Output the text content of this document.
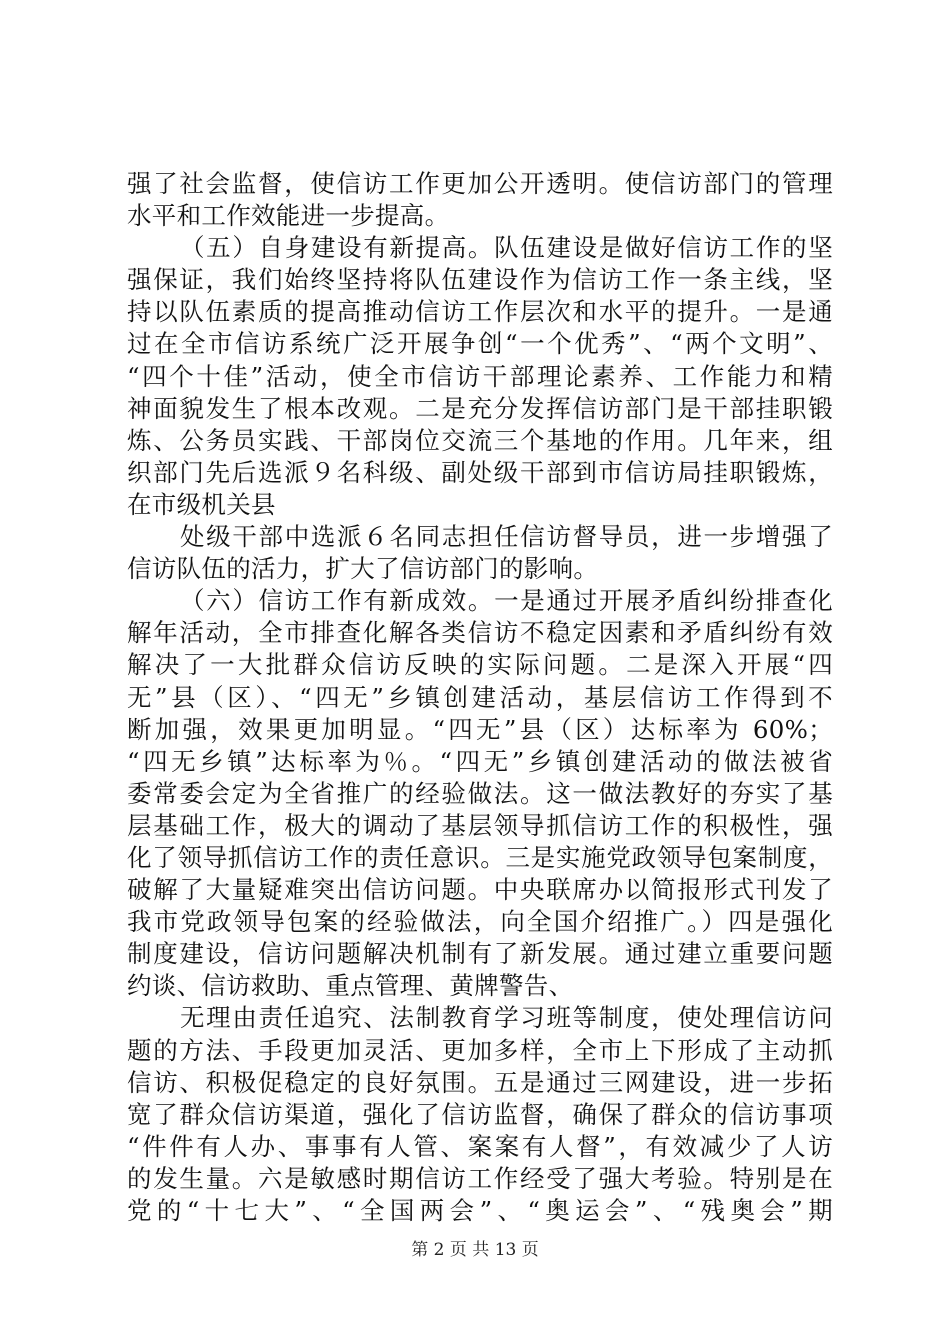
强了社会监督，使信访工作更加公开透明。使信访部门的管理
水平和工作效能进一步提高。
（五）自身建设有新提高。队伍建设是做好信访工作的坚
强保证，我们始终坚持将队伍建设作为信访工作一条主线，坚
持以队伍素质的提高推动信访工作层次和水平的提升。一是通
过在全市信访系统广泛开展争创“一个优秀”、“两个文明”、
“四个十佳”活动，使全市信访干部理论素养、工作能力和精
神面貌发生了根本改观。二是充分发挥信访部门是干部挂职锻
炼、公务员实践、干部岗位交流三个基地的作用。几年来，组
织部门先后选派９名科级、副处级干部到市信访局挂职锻炼，
在市级机关县
处级干部中选派６名同志担任信访督导员，进一步增强了
信访队伍的活力，扩大了信访部门的影响。
（六）信访工作有新成效。一是通过开展矛盾纠纷排查化
解年活动，全市排查化解各类信访不稳定因素和矛盾纠纷有效
解决了一大批群众信访反映的实际问题。二是深入开展“四
无”县（区）、“四无”乡镇创建活动，基层信访工作得到不
断加强，效果更加明显。“四无”县（区）达标率为 60%；
“四无乡镇”达标率为％。“四无”乡镇创建活动的做法被省
委常委会定为全省推广的经验做法。这一做法教好的夯实了基
层基础工作，极大的调动了基层领导抓信访工作的积极性，强
化了领导抓信访工作的责任意识。三是实施党政领导包案制度，
破解了大量疑难突出信访问题。中央联席办以简报形式刊发了
我市党政领导包案的经验做法，向全国介绍推广。）四是强化
制度建设，信访问题解决机制有了新发展。通过建立重要问题
约谈、信访救助、重点管理、黄牌警告、
无理由责任追究、法制教育学习班等制度，使处理信访问
题的方法、手段更加灵活、更加多样，全市上下形成了主动抓
信访、积极促稳定的良好氛围。五是通过三网建设，进一步拓
宽了群众信访渠道，强化了信访监督，确保了群众的信访事项
“件件有人办、事事有人管、案案有人督”，有效减少了人访
的发生量。六是敏感时期信访工作经受了强大考验。特别是在
党的“十七大”、“全国两会”、“奥运会”、“残奥会”期
第 2 页 共 13 页
